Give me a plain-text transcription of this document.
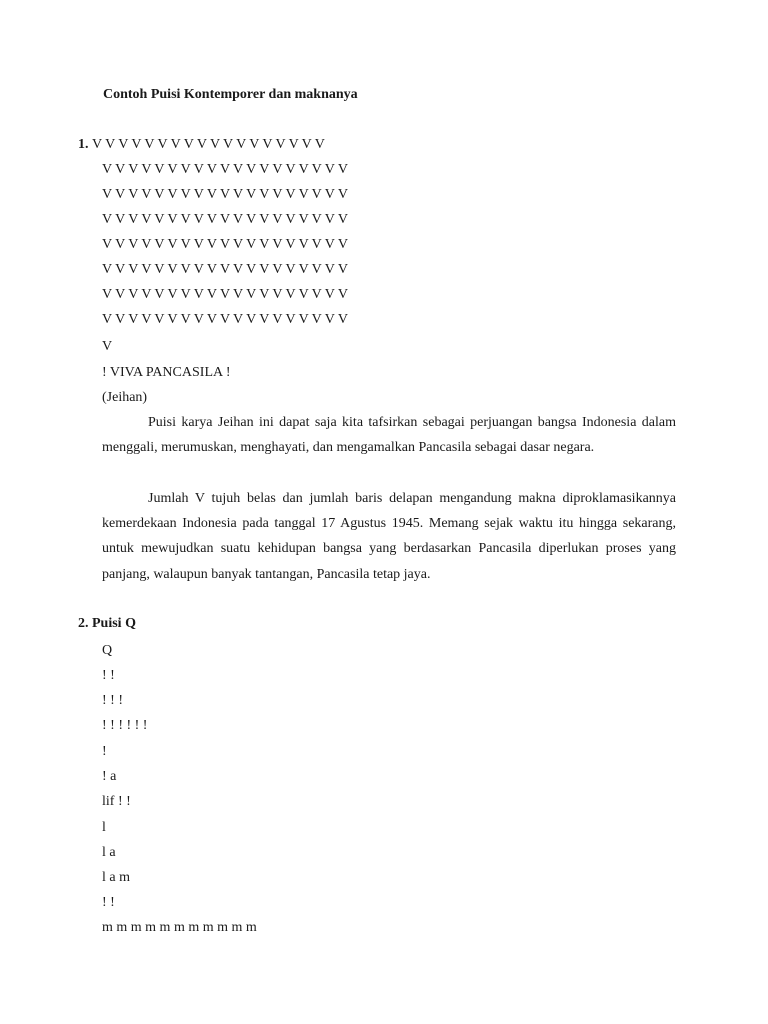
Contoh Puisi Kontemporer dan maknanya
1. V V V V V V V V V V V V V V V V V V
V V V V V V V V V V V V V V V V V V V
V V V V V V V V V V V V V V V V V V V
V V V V V V V V V V V V V V V V V V V
V V V V V V V V V V V V V V V V V V V
V V V V V V V V V V V V V V V V V V V
V V V V V V V V V V V V V V V V V V V
V V V V V V V V V V V V V V V V V V V
V
! VIVA PANCASILA !
(Jeihan)

Puisi karya Jeihan ini dapat saja kita tafsirkan sebagai perjuangan bangsa Indonesia dalam menggali, merumuskan, menghayati, dan mengamalkan Pancasila sebagai dasar negara.

Jumlah V tujuh belas dan jumlah baris delapan mengandung makna diproklamasikannya kemerdekaan Indonesia pada tanggal 17 Agustus 1945. Memang sejak waktu itu hingga sekarang, untuk mewujudkan suatu kehidupan bangsa yang berdasarkan Pancasila diperlukan proses yang panjang, walaupun banyak tantangan, Pancasila tetap jaya.

2. Puisi Q
Q
! !
! ! !
! ! ! ! ! !
!
! a
lif ! !
l
l a
l a m
! !
m m m m m m m m m m m
